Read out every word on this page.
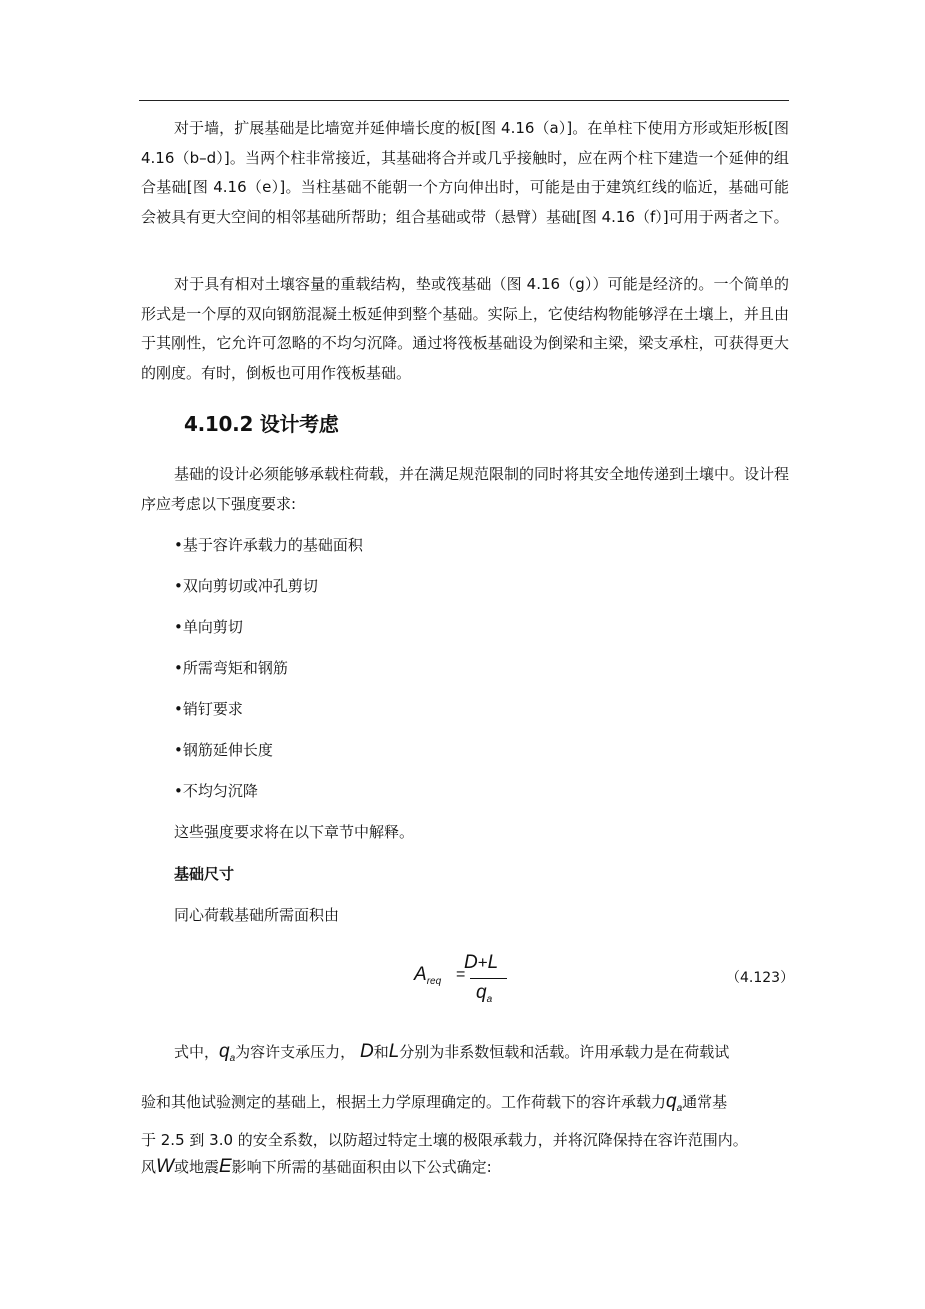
对于墙，扩展基础是比墙宽并延伸墙长度的板[图 4.16（a）]。在单柱下使用方形或矩形板[图 4.16（b–d）]。当两个柱非常接近，其基础将合并或几乎接触时，应在两个柱下建造一个延伸的组合基础[图 4.16（e）]。当柱基础不能朝一个方向伸出时，可能是由于建筑红线的临近，基础可能会被具有更大空间的相邻基础所帮助；组合基础或带（悬臂）基础[图 4.16（f）]可用于两者之下。

对于具有相对土壤容量的重载结构，垫或筏基础（图 4.16（g））可能是经济的。一个简单的形式是一个厚的双向钢筋混凝土板延伸到整个基础。实际上，它使结构物能够浮在土壤上，并且由于其刚性，它允许可忽略的不均匀沉降。通过将筏板基础设为倒梁和主梁，梁支承柱，可获得更大的刚度。有时，倒板也可用作筏板基础。

4.10.2 设计考虑

基础的设计必须能够承载柱荷载，并在满足规范限制的同时将其安全地传递到土壤中。设计程序应考虑以下强度要求:

•基于容许承载力的基础面积

•双向剪切或冲孔剪切

•单向剪切

•所需弯矩和钢筋

•销钉要求

•钢筋延伸长度

•不均匀沉降

这些强度要求将在以下章节中解释。

基础尺寸

同心荷载基础所需面积由

$A_{req}$ =
D+L
$q_a$

（4.123）

式中，$q_a$为容许支承压力， D和L分别为非系数恒载和活载。许用承载力是在荷载试

验和其他试验测定的基础上，根据土力学原理确定的。工作荷载下的容许承载力$q_a$通常基

于 2.5 到 3.0 的安全系数，以防超过特定土壤的极限承载力，并将沉降保持在容许范围内。

风W或地震E影响下所需的基础面积由以下公式确定:
